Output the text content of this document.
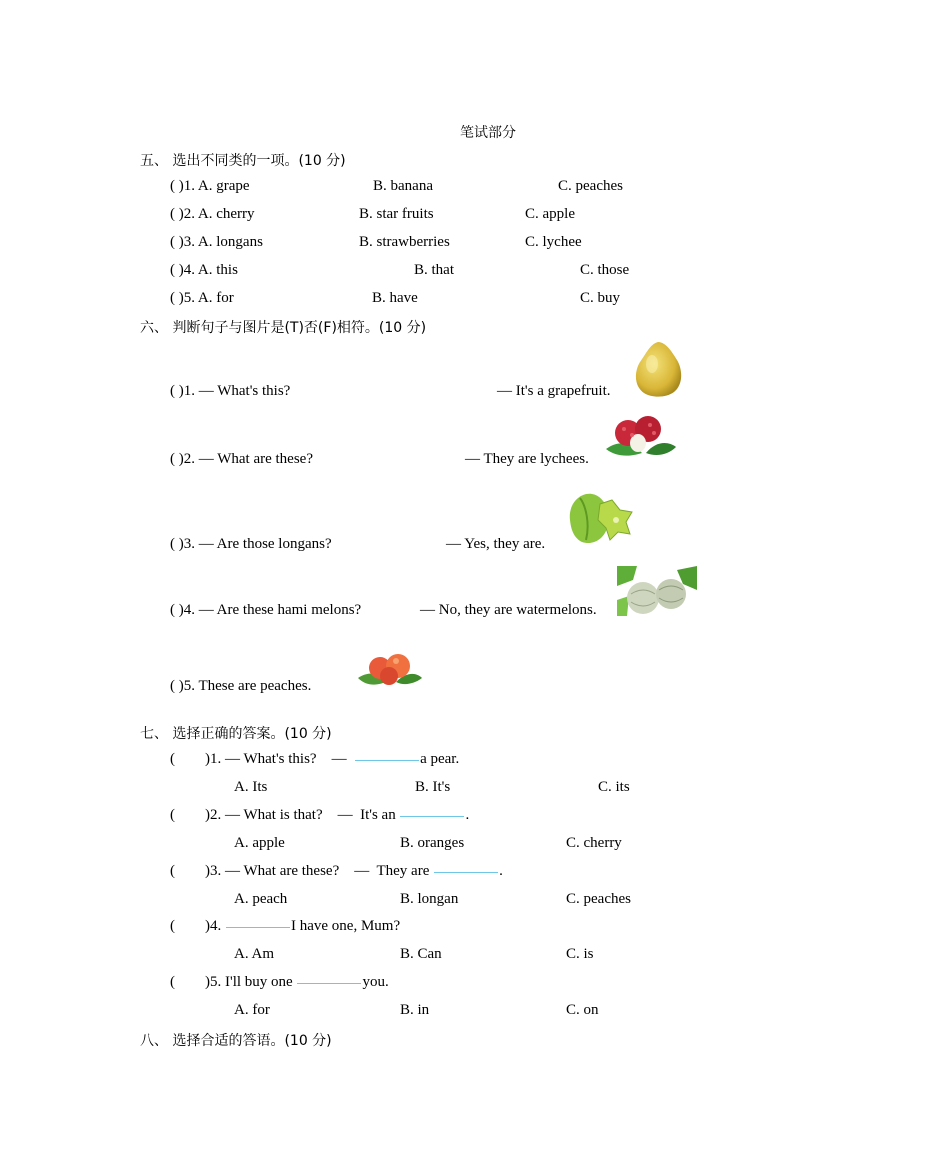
笔试部分
五、 选出不同类的一项。(10 分)
( )1. A. grape	B. banana	C. peaches
( )2. A. cherry	B. star fruits	C. apple
( )3. A. longans	B. strawberries	C. lychee
( )4. A. this	B. that	C. those
( )5. A. for	B. have	C. buy
六、 判断句子与图片是(T)否(F)相符。(10 分)
( )1. — What's this?	— It's a grapefruit.
( )2. — What are these?	— They are lychees.
( )3. — Are those longans?	— Yes, they are.
( )4. — Are these hami melons?	— No, they are watermelons.
( )5. These are peaches.
七、 选择正确的答案。(10 分)
(        )1. — What's this?    —	a pear.
A. Its	B. It's	C. its
(        )2. — What is that?    —  It's an	.
A. apple	B. oranges	C. cherry
(        )3. — What are these?    —  They are	.
A. peach	B. longan	C. peaches
(        )4.	I have one, Mum?
A. Am	B. Can	C. is
(        )5. I'll buy one	you.
A. for	B. in	C. on
八、 选择合适的答语。(10 分)
